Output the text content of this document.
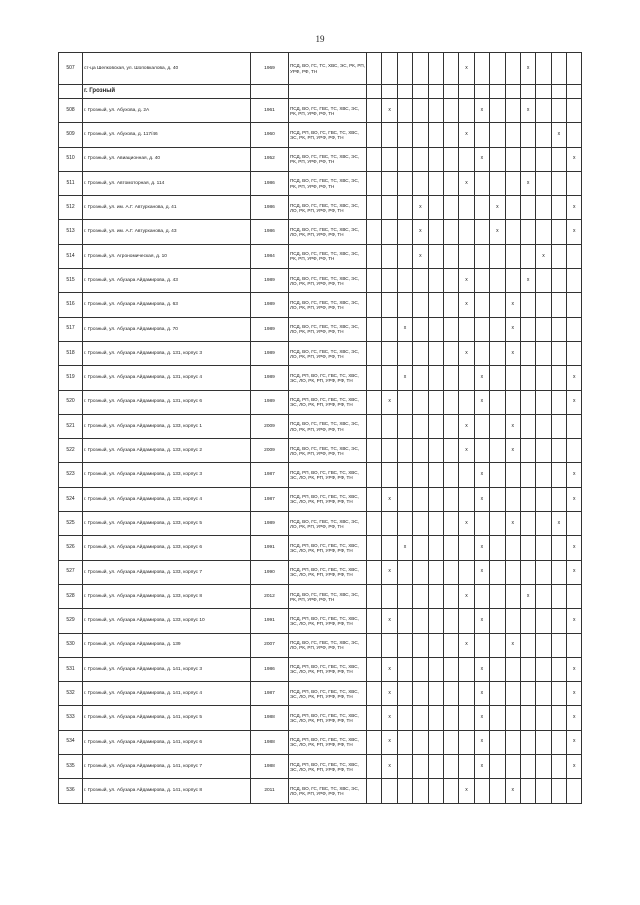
19
507	ст-ца Шелковская, ул. Шоповкалова, д. 40	1969	ПСД, ВО, ГС, ТС, ХВС, ЭС, РК, РП, УРФ, РФ, ТН							x				x			
	г. Грозный																
508	г. Грозный, ул. Абухова, д. 2А	1961	ПСД, ВО, ГС, ГВС, ТС, ХВС, ЭС, РК, РП, УРФ, РФ, ТН		x						x			x			
509	г. Грозный, ул. Абухова, д. 117/46	1960	ПСД, РП, ВО, ГС, ГВС, ТС, ХВС, ЭС, РК, РП, УРФ, РФ, ТН							x						x	
510	г. Грозный, ул. Авиационная, д. 40	1952	ПСД, ВО, ГС, ГВС, ТС, ХВС, ЭС, РК, РП, УРФ, РФ, ТН								x						x
511	г. Грозный, ул. Автомоторная, д. 114	1986	ПСД, ВО, ГС, ГВС, ТС, ХВС, ЭС, РК, РП, УРФ, РФ, ТН							x				x			
512	г. Грозный, ул. им. А.Г. Автурханова, д. 41	1986	ПСД, ВО, ГС, ГВС, ТС, ХВС, ЭС, ЛО, РК, РП, УРФ, РФ, ТН				x					x					x
513	г. Грозный, ул. им. А.Г. Автурханова, д. 43	1986	ПСД, ВО, ГС, ГВС, ТС, ХВС, ЭС, ЛО, РК, РП, УРФ, РФ, ТН				x					x					x
514	г. Грозный, ул. Агрономическая, д. 10	1984	ПСД, ВО, ГС, ГВС, ТС, ХВС, ЭС, РК, РП, УРФ, РФ, ТН				x								x		
515	г. Грозный, ул. Абузара Айдамирова, д. 43	1989	ПСД, ВО, ГС, ГВС, ТС, ХВС, ЭС, ЛО, РК, РП, УРФ, РФ, ТН							x				x			
516	г. Грозный, ул. Абузара Айдамирова, д. 63	1989	ПСД, ВО, ГС, ГВС, ТС, ХВС, ЭС, ЛО, РК, РП, УРФ, РФ, ТН							x			x				
517	г. Грозный, ул. Абузара Айдамирова, д. 70	1989	ПСД, ВО, ГС, ГВС, ТС, ХВС, ЭС, ЛО, РК, РП, УРФ, РФ, ТН			x							x				
518	г. Грозный, ул. Абузара Айдамирова, д. 131, корпус 3	1989	ПСД, ВО, ГС, ГВС, ТС, ХВС, ЭС, ЛО, РК, РП, УРФ, РФ, ТН							x			x				
519	г. Грозный, ул. Абузара Айдамирова, д. 131, корпус 4	1989	ПСД, РП, ВО, ГС, ГВС, ТС, ХВС, ЭС, ЛО, РК, РП, УРФ, РФ, ТН			x					x						x
520	г. Грозный, ул. Абузара Айдамирова, д. 131, корпус 6	1989	ПСД, РП, ВО, ГС, ГВС, ТС, ХВС, ЭС, ЛО, РК, РП, УРФ, РФ, ТН		x						x						x
521	г. Грозный, ул. Абузара Айдамирова, д. 133, корпус 1	2009	ПСД, ВО, ГС, ГВС, ТС, ХВС, ЭС, ЛО, РК, РП, УРФ, РФ, ТН							x			x				
522	г. Грозный, ул. Абузара Айдамирова, д. 133, корпус 2	2009	ПСД, ВО, ГС, ГВС, ТС, ХВС, ЭС, ЛО, РК, РП, УРФ, РФ, ТН							x			x				
523	г. Грозный, ул. Абузара Айдамирова, д. 133, корпус 3	1987	ПСД, РП, ВО, ГС, ГВС, ТС, ХВС, ЭС, ЛО, РК, РП, УРФ, РФ, ТН								x						x
524	г. Грозный, ул. Абузара Айдамирова, д. 133, корпус 4	1987	ПСД, РП, ВО, ГС, ГВС, ТС, ХВС, ЭС, ЛО, РК, РП, УРФ, РФ, ТН		x						x						x
525	г. Грозный, ул. Абузара Айдамирова, д. 133, корпус 5	1989	ПСД, ВО, ГС, ГВС, ТС, ХВС, ЭС, ЛО, РК, РП, УРФ, РФ, ТН							x			x			x	
526	г. Грозный, ул. Абузара Айдамирова, д. 133, корпус 6	1991	ПСД, РП, ВО, ГС, ГВС, ТС, ХВС, ЭС, ЛО, РК, РП, УРФ, РФ, ТН			x					x						x
527	г. Грозный, ул. Абузара Айдамирова, д. 133, корпус 7	1990	ПСД, РП, ВО, ГС, ГВС, ТС, ХВС, ЭС, ЛО, РК, РП, УРФ, РФ, ТН		x						x						x
528	г. Грозный, ул. Абузара Айдамирова, д. 133, корпус 8	2012	ПСД, ВО, ГС, ГВС, ТС, ХВС, ЭС, РК, РП, УРФ, РФ, ТН							x				x			
529	г. Грозный, ул. Абузара Айдамирова, д. 133, корпус 10	1991	ПСД, РП, ВО, ГС, ГВС, ТС, ХВС, ЭС, ЛО, РК, РП, УРФ, РФ, ТН		x						x						x
530	г. Грозный, ул. Абузара Айдамирова, д. 139	2007	ПСД, ВО, ГС, ГВС, ТС, ХВС, ЭС, ЛО, РК, РП, УРФ, РФ, ТН							x			x				
531	г. Грозный, ул. Абузара Айдамирова, д. 141, корпус 3	1986	ПСД, РП, ВО, ГС, ГВС, ТС, ХВС, ЭС, ЛО, РК, РП, УРФ, РФ, ТН		x						x						x
532	г. Грозный, ул. Абузара Айдамирова, д. 141, корпус 4	1987	ПСД, РП, ВО, ГС, ГВС, ТС, ХВС, ЭС, ЛО, РК, РП, УРФ, РФ, ТН		x						x						x
533	г. Грозный, ул. Абузара Айдамирова, д. 141, корпус 5	1988	ПСД, РП, ВО, ГС, ГВС, ТС, ХВС, ЭС, ЛО, РК, РП, УРФ, РФ, ТН		x						x						x
534	г. Грозный, ул. Абузара Айдамирова, д. 141, корпус 6	1988	ПСД, РП, ВО, ГС, ГВС, ТС, ХВС, ЭС, ЛО, РК, РП, УРФ, РФ, ТН		x						x						x
535	г. Грозный, ул. Абузара Айдамирова, д. 141, корпус 7	1988	ПСД, РП, ВО, ГС, ГВС, ТС, ХВС, ЭС, ЛО, РК, РП, УРФ, РФ, ТН		x						x						x
536	г. Грозный, ул. Абузара Айдамирова, д. 141, корпус 8	2011	ПСД, ВО, ГС, ГВС, ТС, ХВС, ЭС, ЛО, РК, РП, УРФ, РФ, ТН							x			x				
